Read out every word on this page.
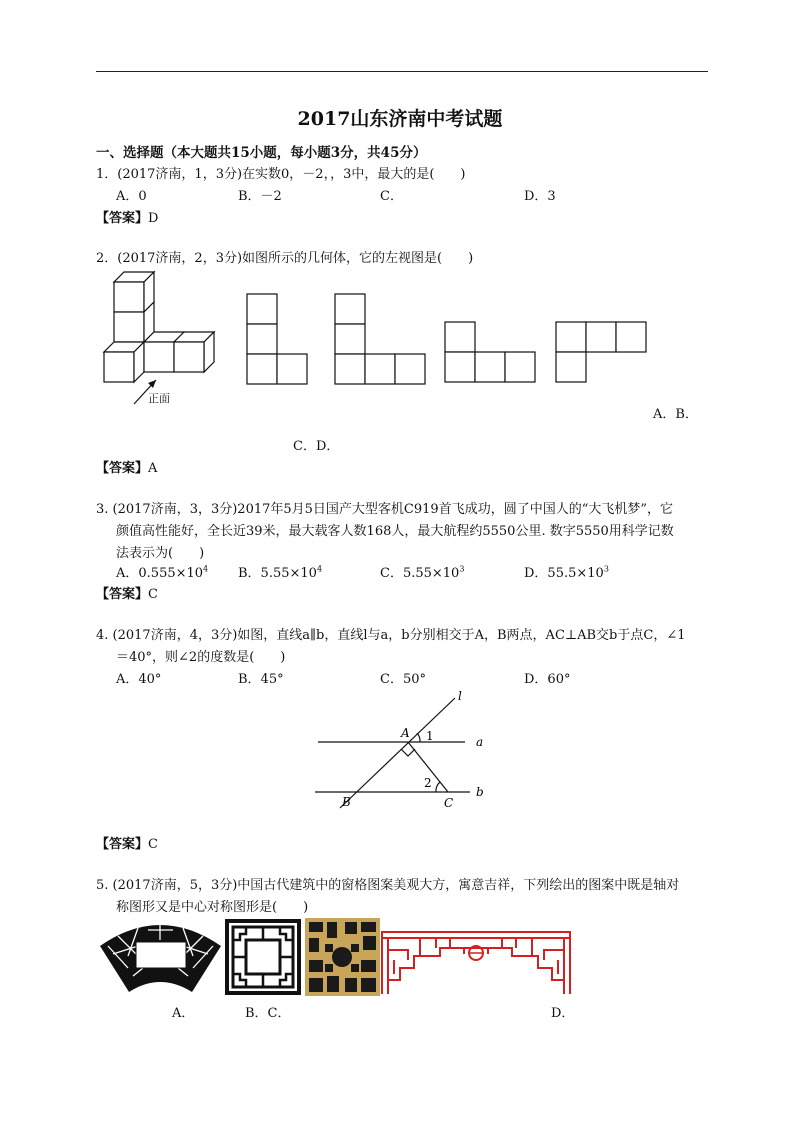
2017山东济南中考试题
一、选择题（本大题共15小题，每小题3分，共45分）
1．(2017济南，1，3分)在实数0，－2，，3中，最大的是(　　)
A．0	B．－2	C．	D．3
【答案】D
2．(2017济南，2，3分)如图所示的几何体，它的左视图是(　　)
正面
A．B．
C．D．
【答案】A
3. (2017济南，3，3分)2017年5月5日国产大型客机C919首飞成功，圆了中国人的“大飞机梦”，它
颜值高性能好，全长近39米，最大载客人数168人，最大航程约5550公里. 数字5550用科学记数
法表示为(　　)
A．$0.555\times 10^4$ B．$5.55\times 10^4$	C．$5.55\times 10^3$	D．$55.5\times 10^3$
【答案】C
4. (2017济南，4，3分)如图，直线a∥b，直线l与a，b分别相交于A，B两点，AC⊥AB交b于点C，∠1
＝40°，则∠2的度数是(　　)
A．40°	B．45°	C．50°	D．60°
l
a
b
A
B	C
1
2
【答案】C
5. (2017济南，5，3分)中国古代建筑中的窗格图案美观大方，寓意吉祥，下列绘出的图案中既是轴对
称图形又是中心对称图形是(　　)
A．	B．C．	D．
